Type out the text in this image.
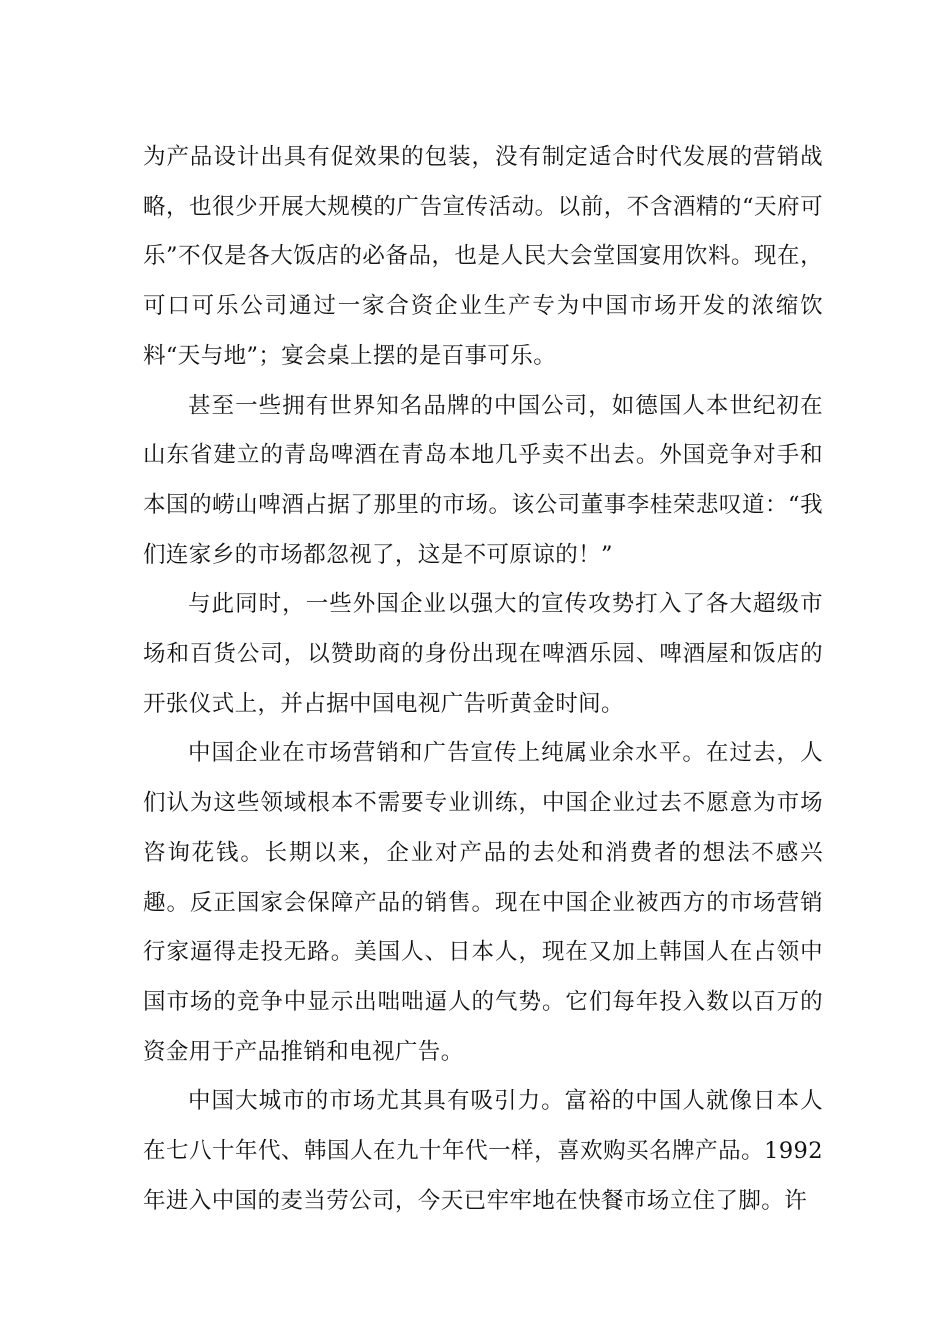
为产品设计出具有促效果的包装，没有制定适合时代发展的营销战略，也很少开展大规模的广告宣传活动。以前，不含酒精的“天府可乐”不仅是各大饭店的必备品，也是人民大会堂国宴用饮料。现在，可口可乐公司通过一家合资企业生产专为中国市场开发的浓缩饮料“天与地”；宴会桌上摆的是百事可乐。

甚至一些拥有世界知名品牌的中国公司，如德国人本世纪初在山东省建立的青岛啤酒在青岛本地几乎卖不出去。外国竞争对手和本国的崂山啤酒占据了那里的市场。该公司董事李桂荣悲叹道：“我们连家乡的市场都忽视了，这是不可原谅的！”

与此同时，一些外国企业以强大的宣传攻势打入了各大超级市场和百货公司，以赞助商的身份出现在啤酒乐园、啤酒屋和饭店的开张仪式上，并占据中国电视广告听黄金时间。

中国企业在市场营销和广告宣传上纯属业余水平。在过去，人们认为这些领域根本不需要专业训练，中国企业过去不愿意为市场咨询花钱。长期以来，企业对产品的去处和消费者的想法不感兴趣。反正国家会保障产品的销售。现在中国企业被西方的市场营销行家逼得走投无路。美国人、日本人，现在又加上韩国人在占领中国市场的竞争中显示出咄咄逼人的气势。它们每年投入数以百万的资金用于产品推销和电视广告。

中国大城市的市场尤其具有吸引力。富裕的中国人就像日本人在七八十年代、韩国人在九十年代一样，喜欢购买名牌产品。1992年进入中国的麦当劳公司，今天已牢牢地在快餐市场立住了脚。许
